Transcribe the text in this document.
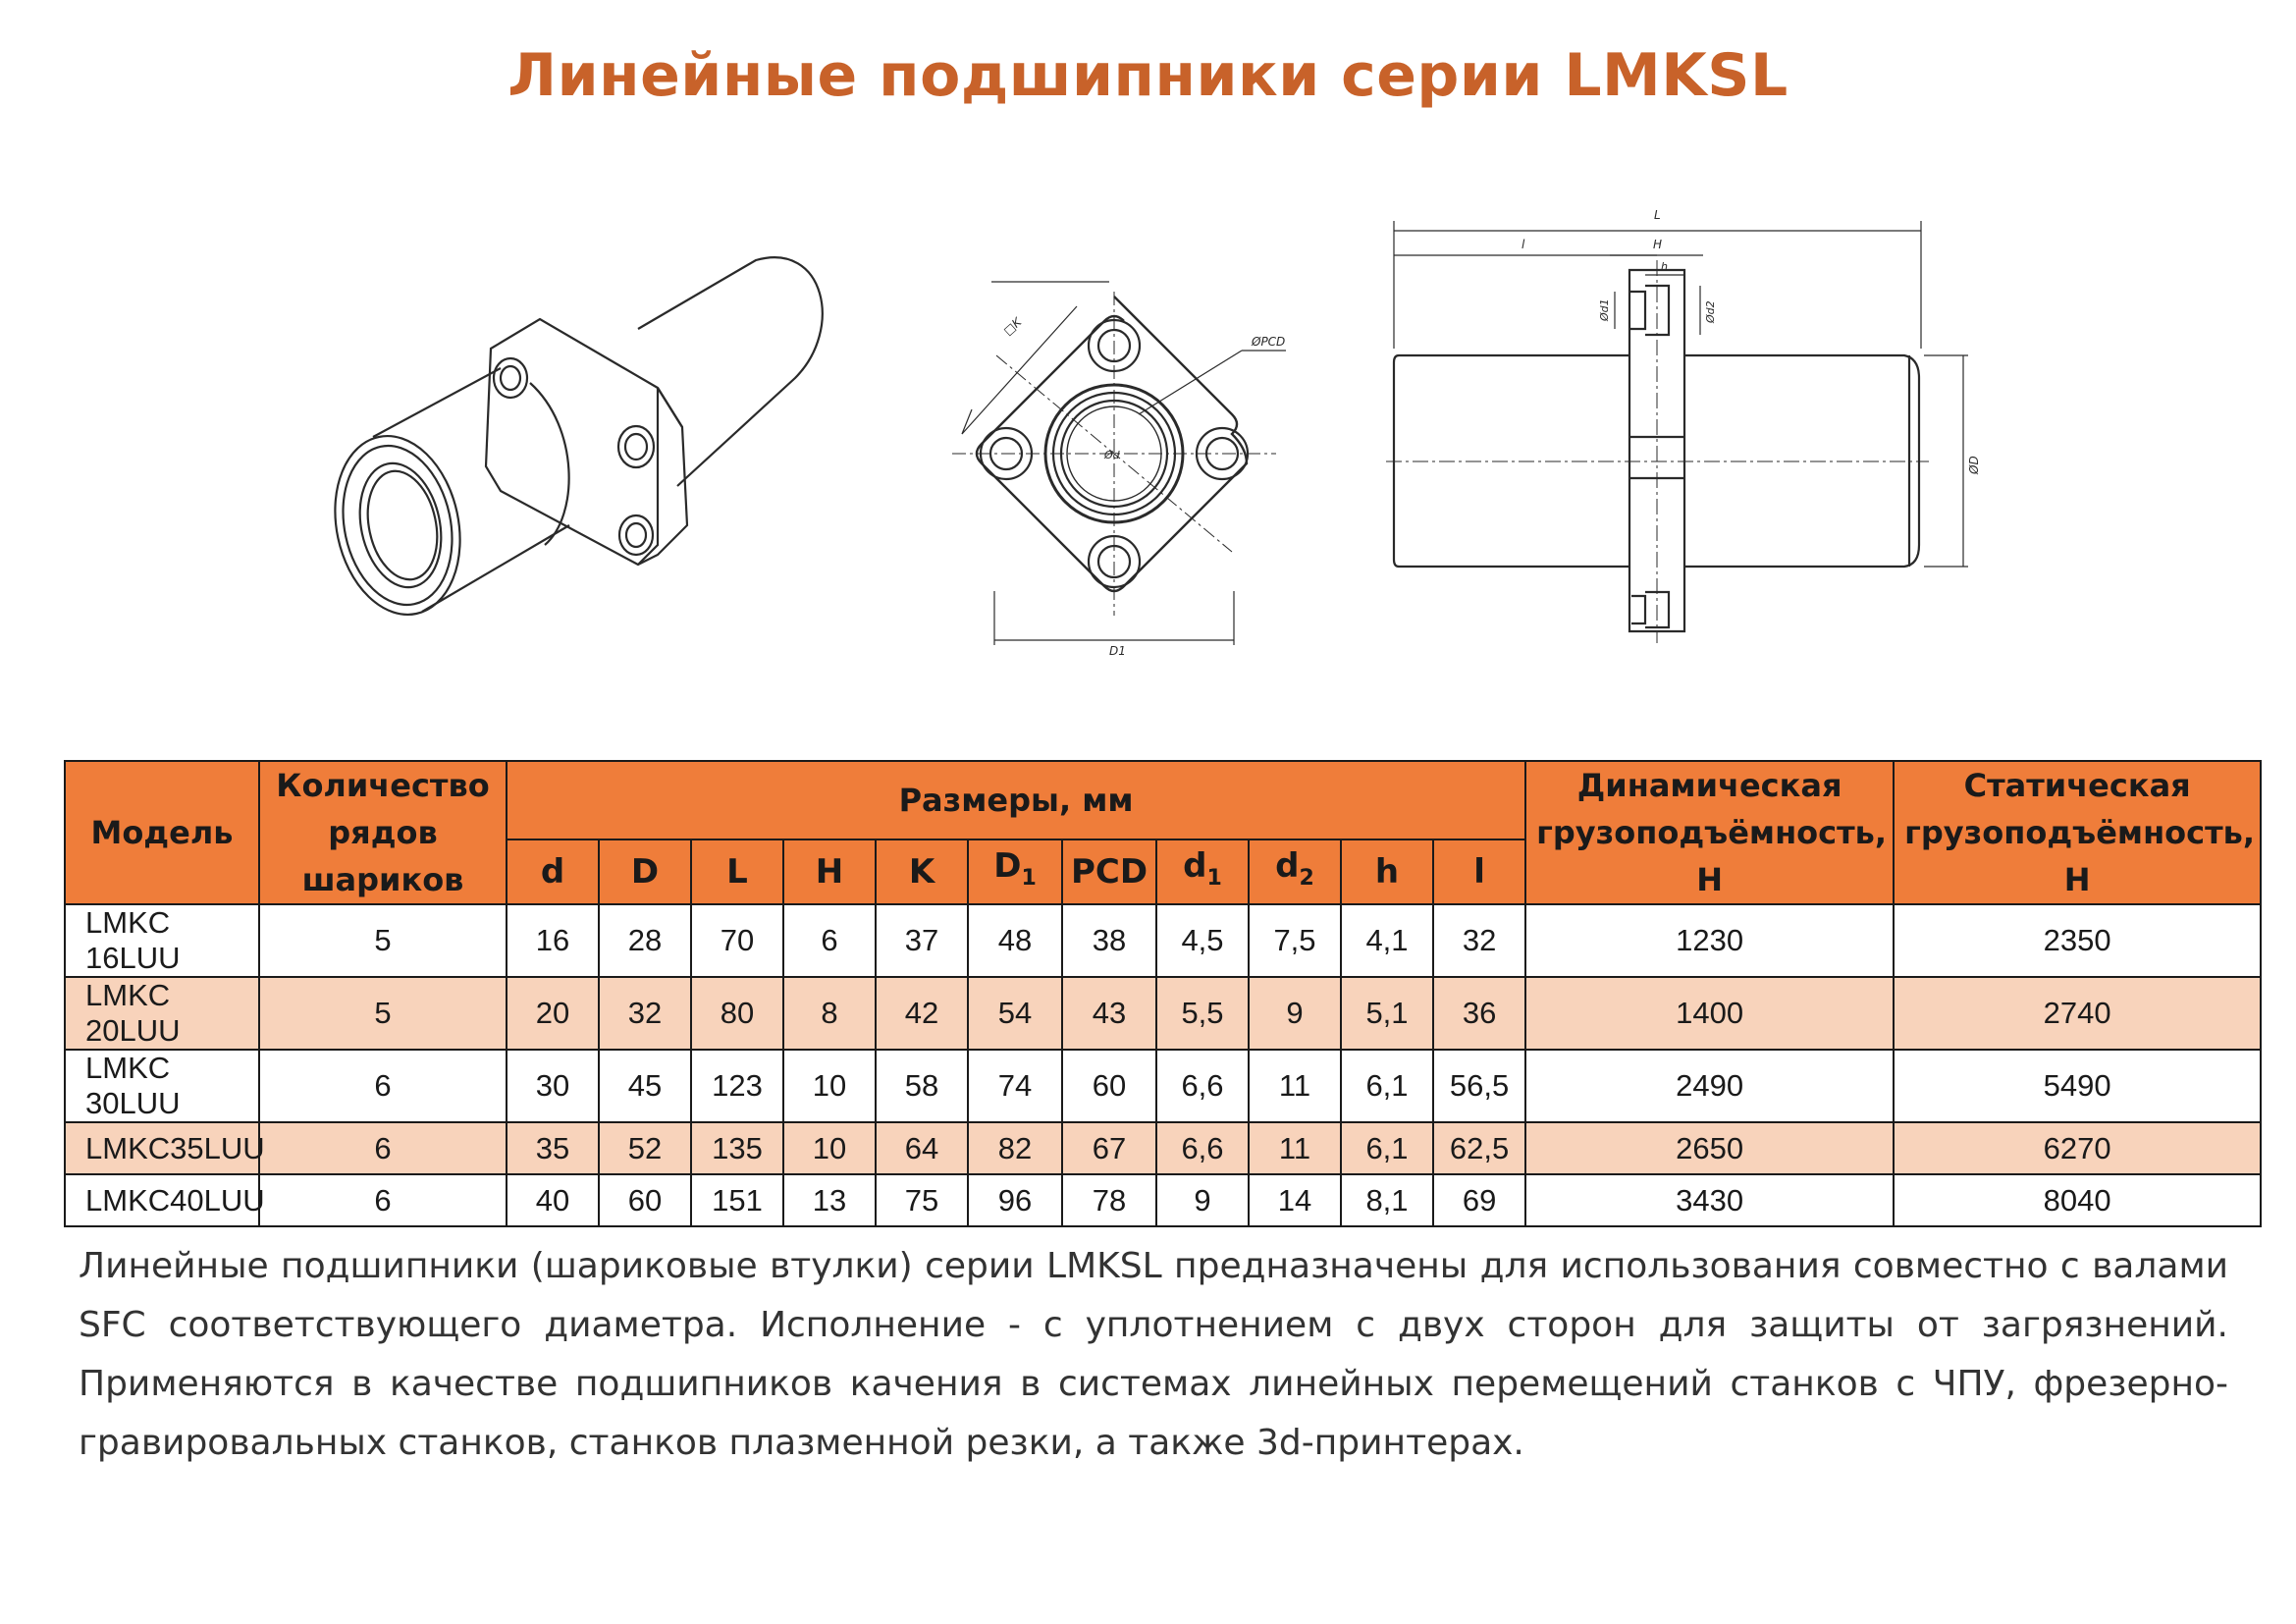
Линейные подшипники серии LMKSL
□K
ØPCD
Ød
D1
L
l	H
h
Ød1	Ød2
ØD
Модель	Количество рядов шариков	Размеры, мм											Динамическая грузоподъёмность, Н	Статическая грузоподъёмность, Н
		d	D	L	H	K	$D_1$	PCD	$d_1$	$d_2$	h	l		
LMKC 16LUU	5	16	28	70	6	37	48	38	4,5	7,5	4,1	32	1230	2350
LMKC 20LUU	5	20	32	80	8	42	54	43	5,5	9	5,1	36	1400	2740
LMKC 30LUU	6	30	45	123	10	58	74	60	6,6	11	6,1	56,5	2490	5490
LMKC35LUU	6	35	52	135	10	64	82	67	6,6	11	6,1	62,5	2650	6270
LMKC40LUU	6	40	60	151	13	75	96	78	9	14	8,1	69	3430	8040

Линейные подшипники (шариковые втулки) серии LMKSL предназначены для использования совместно с валами SFC соответствующего диаметра. Исполнение - с уплотнением с двух сторон для защиты от загрязнений. Применяются в качестве подшипников качения в системах линейных перемещений станков с ЧПУ, фрезерно-гравировальных станков, станков плазменной резки, а также 3d-принтерах.
